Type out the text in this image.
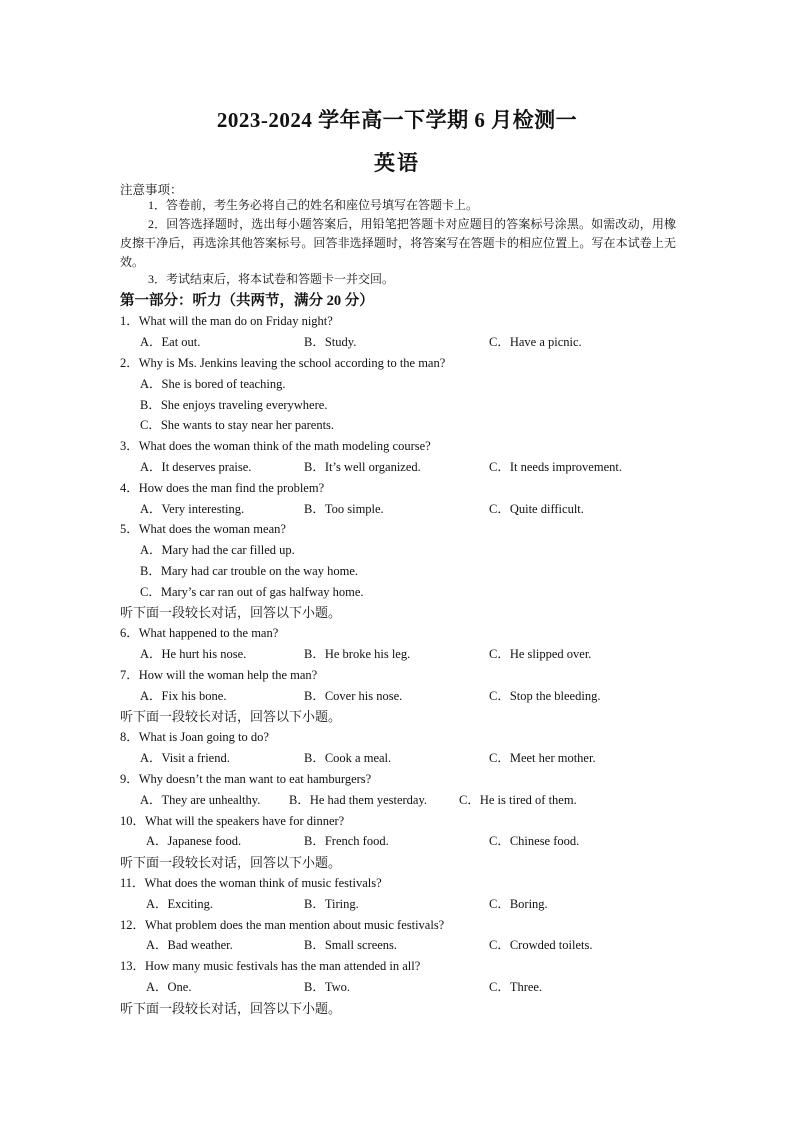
2023-2024 学年高一下学期 6 月检测一
英语
注意事项：
1．答卷前，考生务必将自己的姓名和座位号填写在答题卡上。
2．回答选择题时，选出每小题答案后，用铅笔把答题卡对应题目的答案标号涂黑。如需改动，用橡皮擦干净后，再选涂其他答案标号。回答非选择题时，将答案写在答题卡的相应位置上。写在本试卷上无效。
3．考试结束后，将本试卷和答题卡一并交回。
第一部分：听力（共两节，满分 20 分）
1．What will the man do on Friday night?
A．Eat out.	B．Study.	C．Have a picnic.
2．Why is Ms. Jenkins leaving the school according to the man?
A．She is bored of teaching.
B．She enjoys traveling everywhere.
C．She wants to stay near her parents.
3．What does the woman think of the math modeling course?
A．It deserves praise.	B．It’s well organized.	C．It needs improvement.
4．How does the man find the problem?
A．Very interesting.	B．Too simple.	C．Quite difficult.
5．What does the woman mean?
A．Mary had the car filled up.
B．Mary had car trouble on the way home.
C．Mary’s car ran out of gas halfway home.
听下面一段较长对话，回答以下小题。
6．What happened to the man?
A．He hurt his nose.	B．He broke his leg.	C．He slipped over.
7．How will the woman help the man?
A．Fix his bone.	B．Cover his nose.	C．Stop the bleeding.
听下面一段较长对话，回答以下小题。
8．What is Joan going to do?
A．Visit a friend.	B．Cook a meal.	C．Meet her mother.
9．Why doesn’t the man want to eat hamburgers?
A．They are unhealthy. B．He had them yesterday.	C．He is tired of them.
10．What will the speakers have for dinner?
A．Japanese food.	B．French food.	C．Chinese food.
听下面一段较长对话，回答以下小题。
11．What does the woman think of music festivals?
A．Exciting.	B．Tiring.	C．Boring.
12．What problem does the man mention about music festivals?
A．Bad weather.	B．Small screens.	C．Crowded toilets.
13．How many music festivals has the man attended in all?
A．One.	B．Two.	C．Three.
听下面一段较长对话，回答以下小题。
